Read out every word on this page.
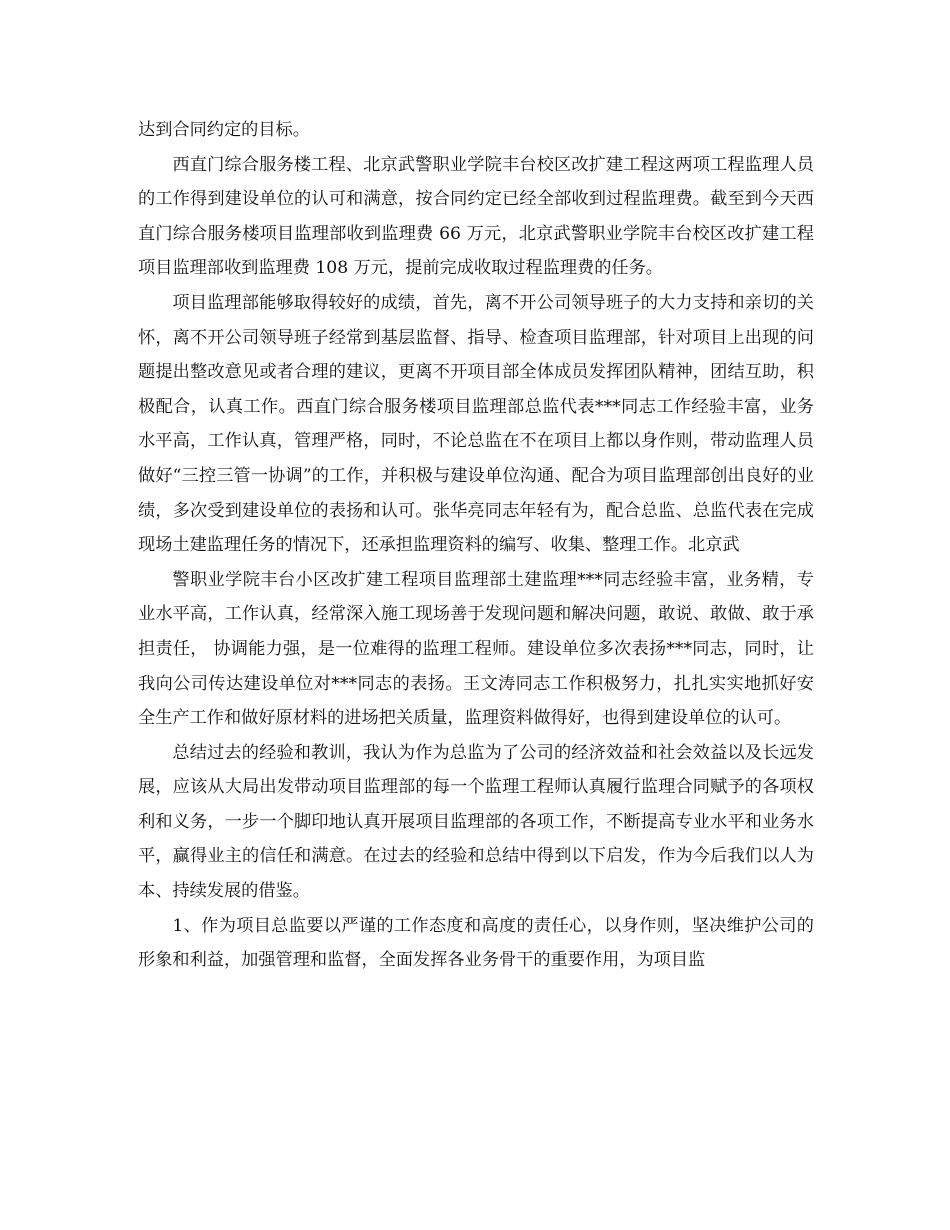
达到合同约定的目标。

西直门综合服务楼工程、北京武警职业学院丰台校区改扩建工程这两项工程监理人员的工作得到建设单位的认可和满意，按合同约定已经全部收到过程监理费。截至到今天西直门综合服务楼项目监理部收到监理费 66 万元，北京武警职业学院丰台校区改扩建工程项目监理部收到监理费 108 万元，提前完成收取过程监理费的任务。

项目监理部能够取得较好的成绩，首先，离不开公司领导班子的大力支持和亲切的关怀，离不开公司领导班子经常到基层监督、指导、检查项目监理部，针对项目上出现的问题提出整改意见或者合理的建议，更离不开项目部全体成员发挥团队精神，团结互助，积极配合，认真工作。西直门综合服务楼项目监理部总监代表***同志工作经验丰富，业务水平高，工作认真，管理严格，同时，不论总监在不在项目上都以身作则，带动监理人员做好“三控三管一协调”的工作，并积极与建设单位沟通、配合为项目监理部创出良好的业绩，多次受到建设单位的表扬和认可。张华亮同志年轻有为，配合总监、总监代表在完成现场土建监理任务的情况下，还承担监理资料的编写、收集、整理工作。北京武

警职业学院丰台小区改扩建工程项目监理部土建监理***同志经验丰富，业务精，专业水平高，工作认真，经常深入施工现场善于发现问题和解决问题，敢说、敢做、敢于承担责任， 协调能力强，是一位难得的监理工程师。建设单位多次表扬***同志，同时，让我向公司传达建设单位对***同志的表扬。王文涛同志工作积极努力，扎扎实实地抓好安全生产工作和做好原材料的进场把关质量，监理资料做得好，也得到建设单位的认可。

总结过去的经验和教训，我认为作为总监为了公司的经济效益和社会效益以及长远发展，应该从大局出发带动项目监理部的每一个监理工程师认真履行监理合同赋予的各项权利和义务，一步一个脚印地认真开展项目监理部的各项工作，不断提高专业水平和业务水平，赢得业主的信任和满意。在过去的经验和总结中得到以下启发，作为今后我们以人为本、持续发展的借鉴。

1、作为项目总监要以严谨的工作态度和高度的责任心，以身作则，坚决维护公司的形象和利益，加强管理和监督，全面发挥各业务骨干的重要作用，为项目监
